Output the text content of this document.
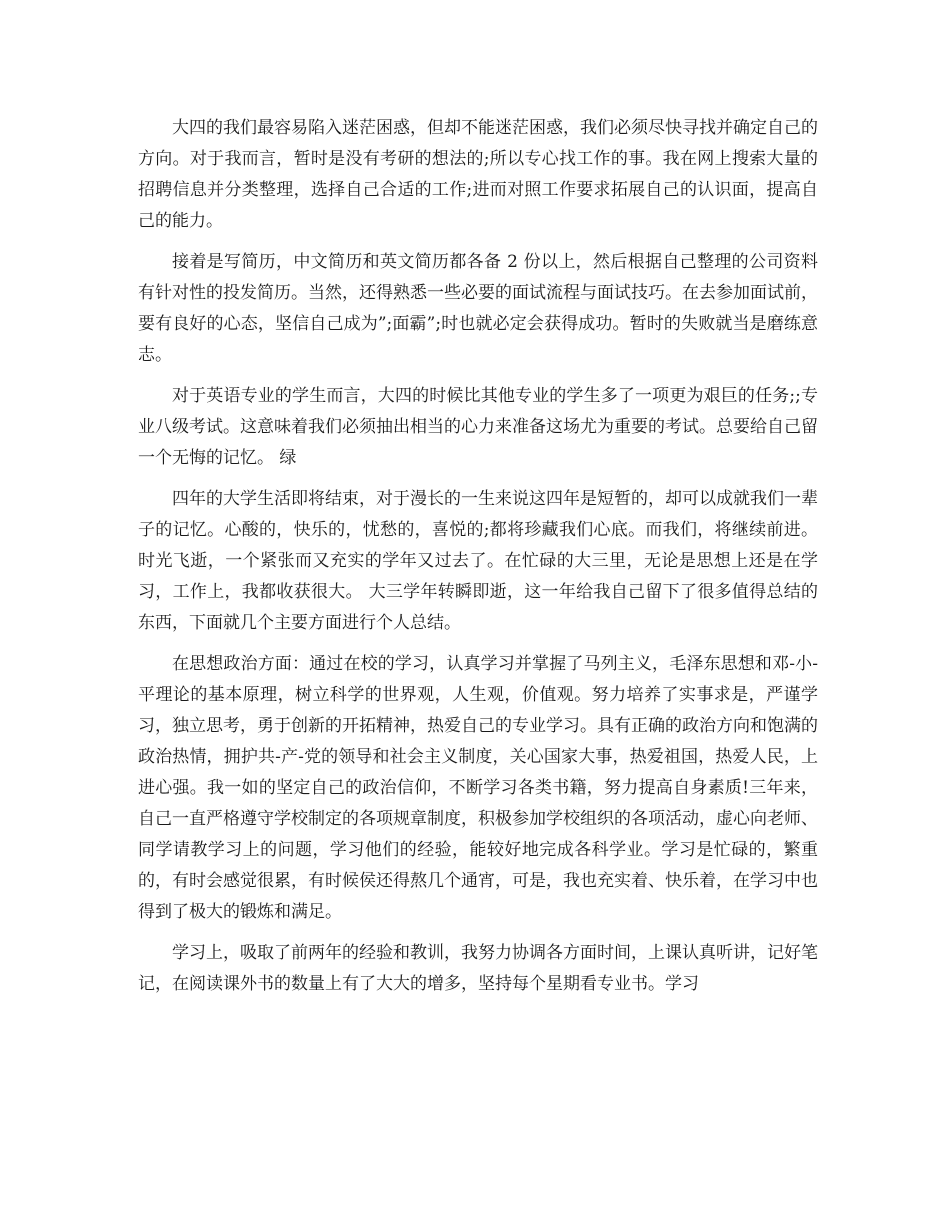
大四的我们最容易陷入迷茫困惑，但却不能迷茫困惑，我们必须尽快寻找并确定自己的方向。对于我而言，暂时是没有考研的想法的;所以专心找工作的事。我在网上搜索大量的招聘信息并分类整理，选择自己合适的工作;进而对照工作要求拓展自己的认识面，提高自己的能力。

接着是写简历，中文简历和英文简历都各备 2 份以上，然后根据自己整理的公司资料有针对性的投发简历。当然，还得熟悉一些必要的面试流程与面试技巧。在去参加面试前，要有良好的心态，坚信自己成为”;面霸”;时也就必定会获得成功。暂时的失败就当是磨练意志。

对于英语专业的学生而言，大四的时候比其他专业的学生多了一项更为艰巨的任务;;专业八级考试。这意味着我们必须抽出相当的心力来准备这场尤为重要的考试。总要给自己留一个无悔的记忆。 绿

四年的大学生活即将结束，对于漫长的一生来说这四年是短暂的，却可以成就我们一辈子的记忆。心酸的，快乐的，忧愁的，喜悦的;都将珍藏我们心底。而我们，将继续前进。 时光飞逝，一个紧张而又充实的学年又过去了。在忙碌的大三里，无论是思想上还是在学习，工作上，我都收获很大。 大三学年转瞬即逝，这一年给我自己留下了很多值得总结的东西，下面就几个主要方面进行个人总结。

在思想政治方面：通过在校的学习，认真学习并掌握了马列主义，毛泽东思想和邓-小-平理论的基本原理，树立科学的世界观，人生观，价值观。努力培养了实事求是，严谨学习，独立思考，勇于创新的开拓精神，热爱自己的专业学习。具有正确的政治方向和饱满的政治热情，拥护共-产-党的领导和社会主义制度，关心国家大事，热爱祖国，热爱人民，上进心强。我一如的坚定自己的政治信仰，不断学习各类书籍，努力提高自身素质!三年来，自己一直严格遵守学校制定的各项规章制度，积极参加学校组织的各项活动，虚心向老师、同学请教学习上的问题，学习他们的经验，能较好地完成各科学业。学习是忙碌的，繁重的，有时会感觉很累，有时候侯还得熬几个通宵，可是，我也充实着、快乐着，在学习中也得到了极大的锻炼和满足。

学习上，吸取了前两年的经验和教训，我努力协调各方面时间，上课认真听讲，记好笔记，在阅读课外书的数量上有了大大的增多，坚持每个星期看专业书。学习
